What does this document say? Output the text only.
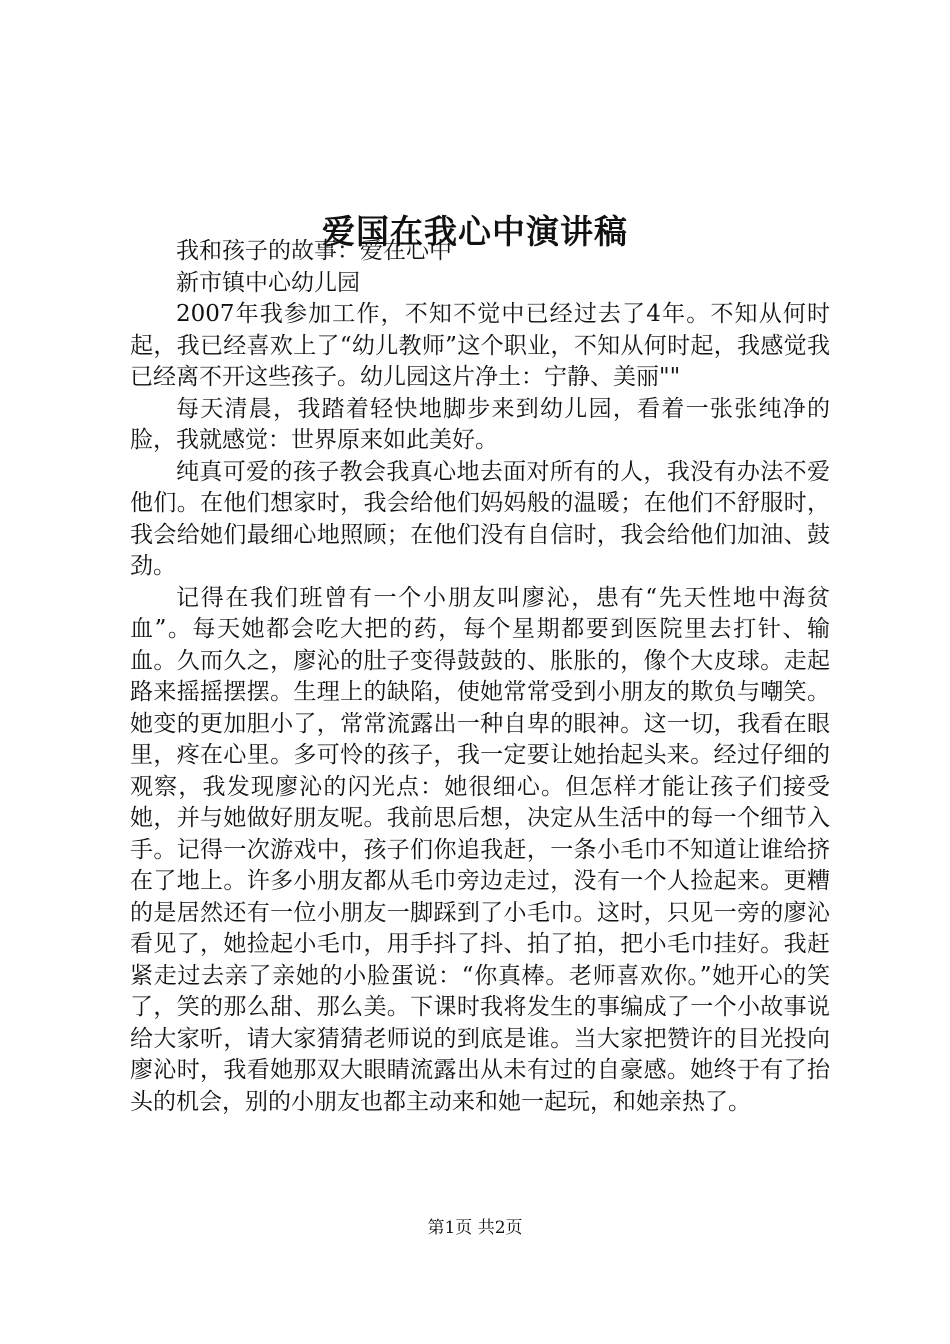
爱国在我心中演讲稿

我和孩子的故事：爱在心中

新市镇中心幼儿园

2007年我参加工作，不知不觉中已经过去了4年。不知从何时起，我已经喜欢上了“幼儿教师”这个职业，不知从何时起，我感觉我已经离不开这些孩子。幼儿园这片净土：宁静、美丽""

每天清晨，我踏着轻快地脚步来到幼儿园，看着一张张纯净的脸，我就感觉：世界原来如此美好。

纯真可爱的孩子教会我真心地去面对所有的人，我没有办法不爱他们。在他们想家时，我会给他们妈妈般的温暖；在他们不舒服时，我会给她们最细心地照顾；在他们没有自信时，我会给他们加油、鼓劲。

记得在我们班曾有一个小朋友叫廖沁，患有“先天性地中海贫血”。每天她都会吃大把的药，每个星期都要到医院里去打针、输血。久而久之，廖沁的肚子变得鼓鼓的、胀胀的，像个大皮球。走起路来摇摇摆摆。生理上的缺陷，使她常常受到小朋友的欺负与嘲笑。她变的更加胆小了，常常流露出一种自卑的眼神。这一切，我看在眼里，疼在心里。多可怜的孩子，我一定要让她抬起头来。经过仔细的观察，我发现廖沁的闪光点：她很细心。但怎样才能让孩子们接受她，并与她做好朋友呢。我前思后想，决定从生活中的每一个细节入手。记得一次游戏中，孩子们你追我赶，一条小毛巾不知道让谁给挤在了地上。许多小朋友都从毛巾旁边走过，没有一个人捡起来。更糟的是居然还有一位小朋友一脚踩到了小毛巾。这时，只见一旁的廖沁看见了，她捡起小毛巾，用手抖了抖、拍了拍，把小毛巾挂好。我赶紧走过去亲了亲她的小脸蛋说：“你真棒。老师喜欢你。”她开心的笑了，笑的那么甜、那么美。下课时我将发生的事编成了一个小故事说给大家听，请大家猜猜老师说的到底是谁。当大家把赞许的目光投向廖沁时，我看她那双大眼睛流露出从未有过的自豪感。她终于有了抬头的机会，别的小朋友也都主动来和她一起玩，和她亲热了。

第1页 共2页
